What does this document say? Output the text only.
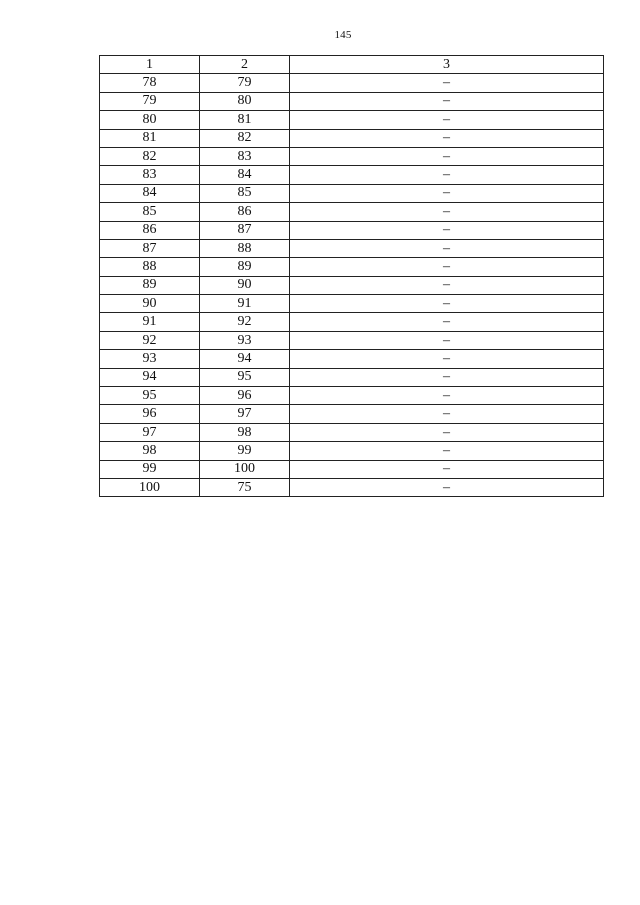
145
1	2	3
78	79	–
79	80	–
80	81	–
81	82	–
82	83	–
83	84	–
84	85	–
85	86	–
86	87	–
87	88	–
88	89	–
89	90	–
90	91	–
91	92	–
92	93	–
93	94	–
94	95	–
95	96	–
96	97	–
97	98	–
98	99	–
99	100	–
100	75	–
